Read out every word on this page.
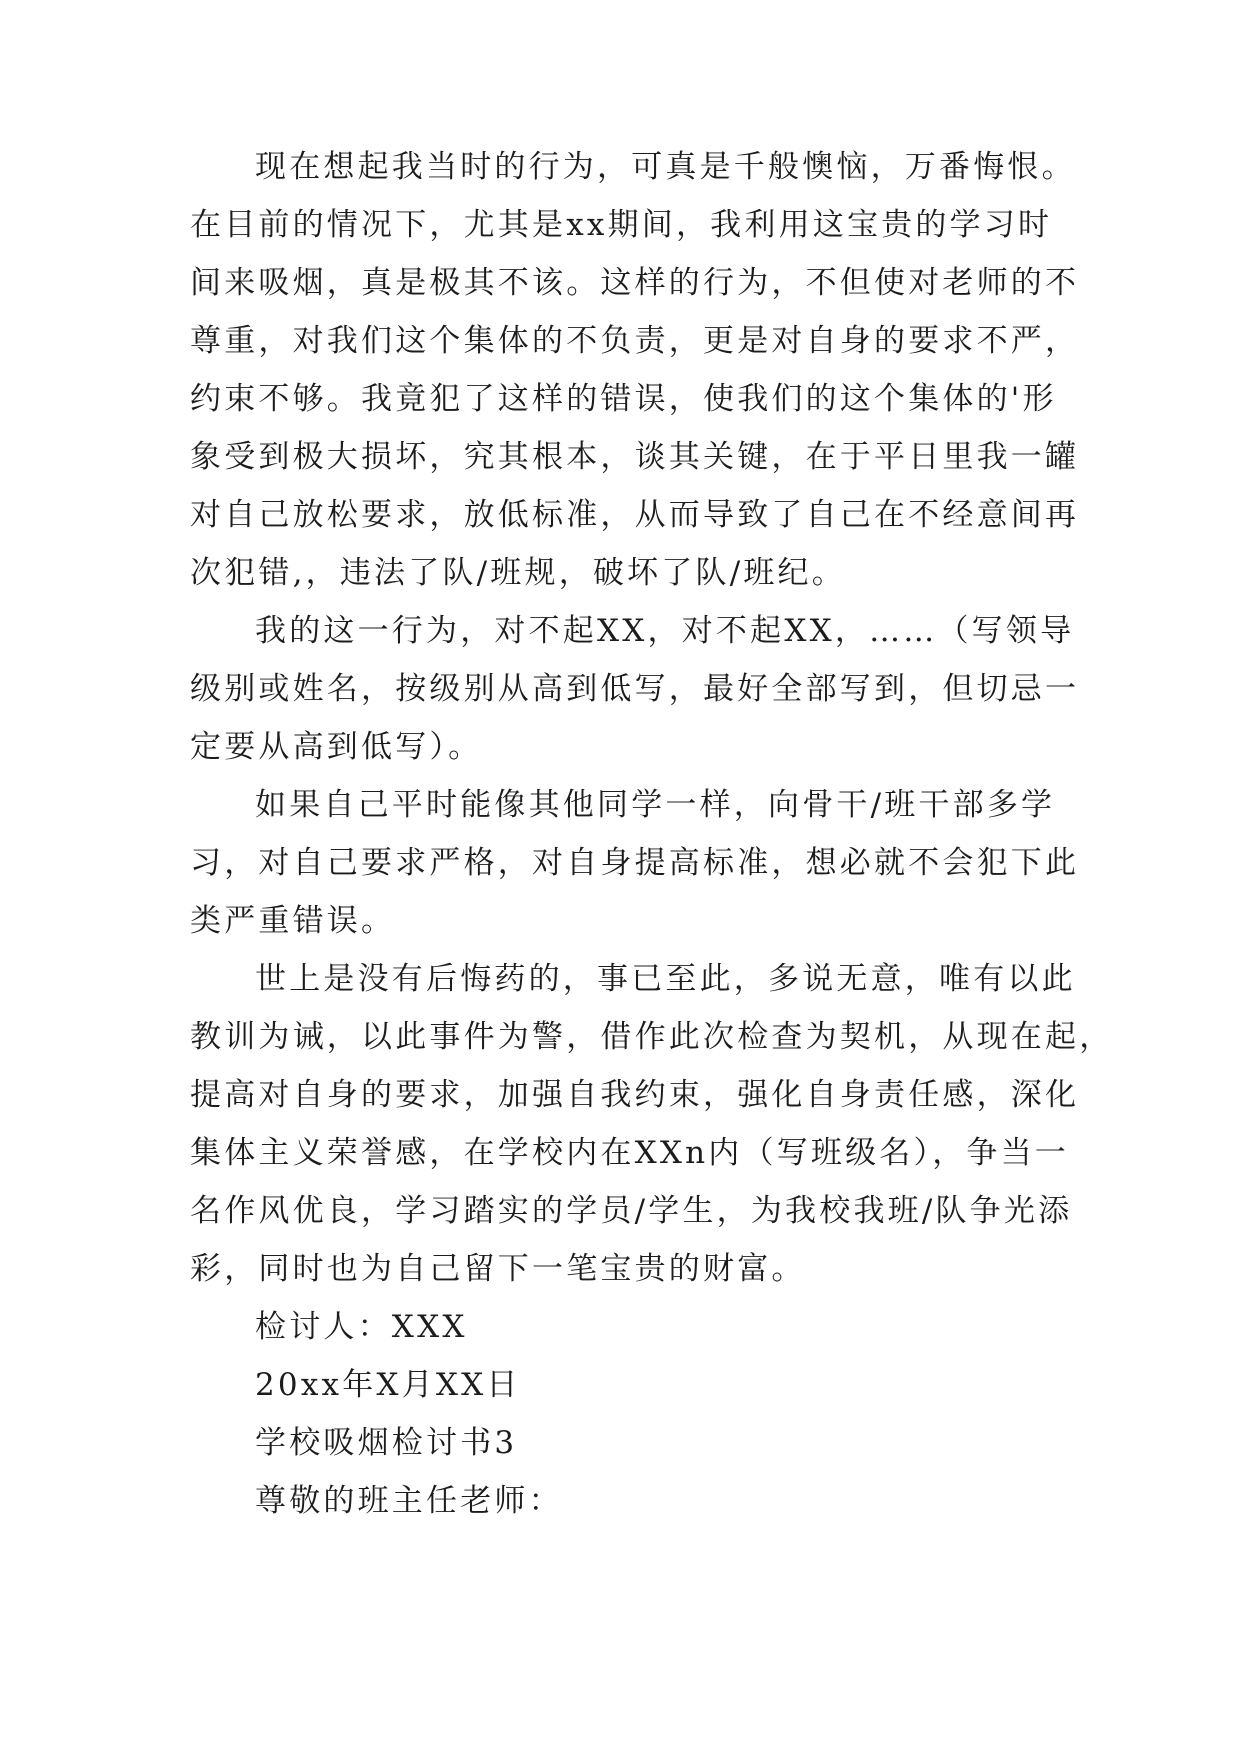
现在想起我当时的行为，可真是千般懊恼，万番悔恨。

在目前的情况下，尤其是xx期间，我利用这宝贵的学习时

间来吸烟，真是极其不该。这样的行为，不但使对老师的不

尊重，对我们这个集体的不负责，更是对自身的要求不严，

约束不够。我竟犯了这样的错误，使我们的这个集体的'形

象受到极大损坏，究其根本，谈其关键，在于平日里我一罐

对自己放松要求，放低标准，从而导致了自己在不经意间再

次犯错,，违法了队/班规，破坏了队/班纪。

我的这一行为，对不起XX，对不起XX，……（写领导

级别或姓名，按级别从高到低写，最好全部写到，但切忌一

定要从高到低写）。

如果自己平时能像其他同学一样，向骨干/班干部多学

习，对自己要求严格，对自身提高标准，想必就不会犯下此

类严重错误。

世上是没有后悔药的，事已至此，多说无意，唯有以此

教训为诫，以此事件为警，借作此次检查为契机，从现在起，

提高对自身的要求，加强自我约束，强化自身责任感，深化

集体主义荣誉感，在学校内在XXn内（写班级名），争当一

名作风优良，学习踏实的学员/学生，为我校我班/队争光添

彩，同时也为自己留下一笔宝贵的财富。

检讨人：XXX

20xx年X月XX日

学校吸烟检讨书3

尊敬的班主任老师：
